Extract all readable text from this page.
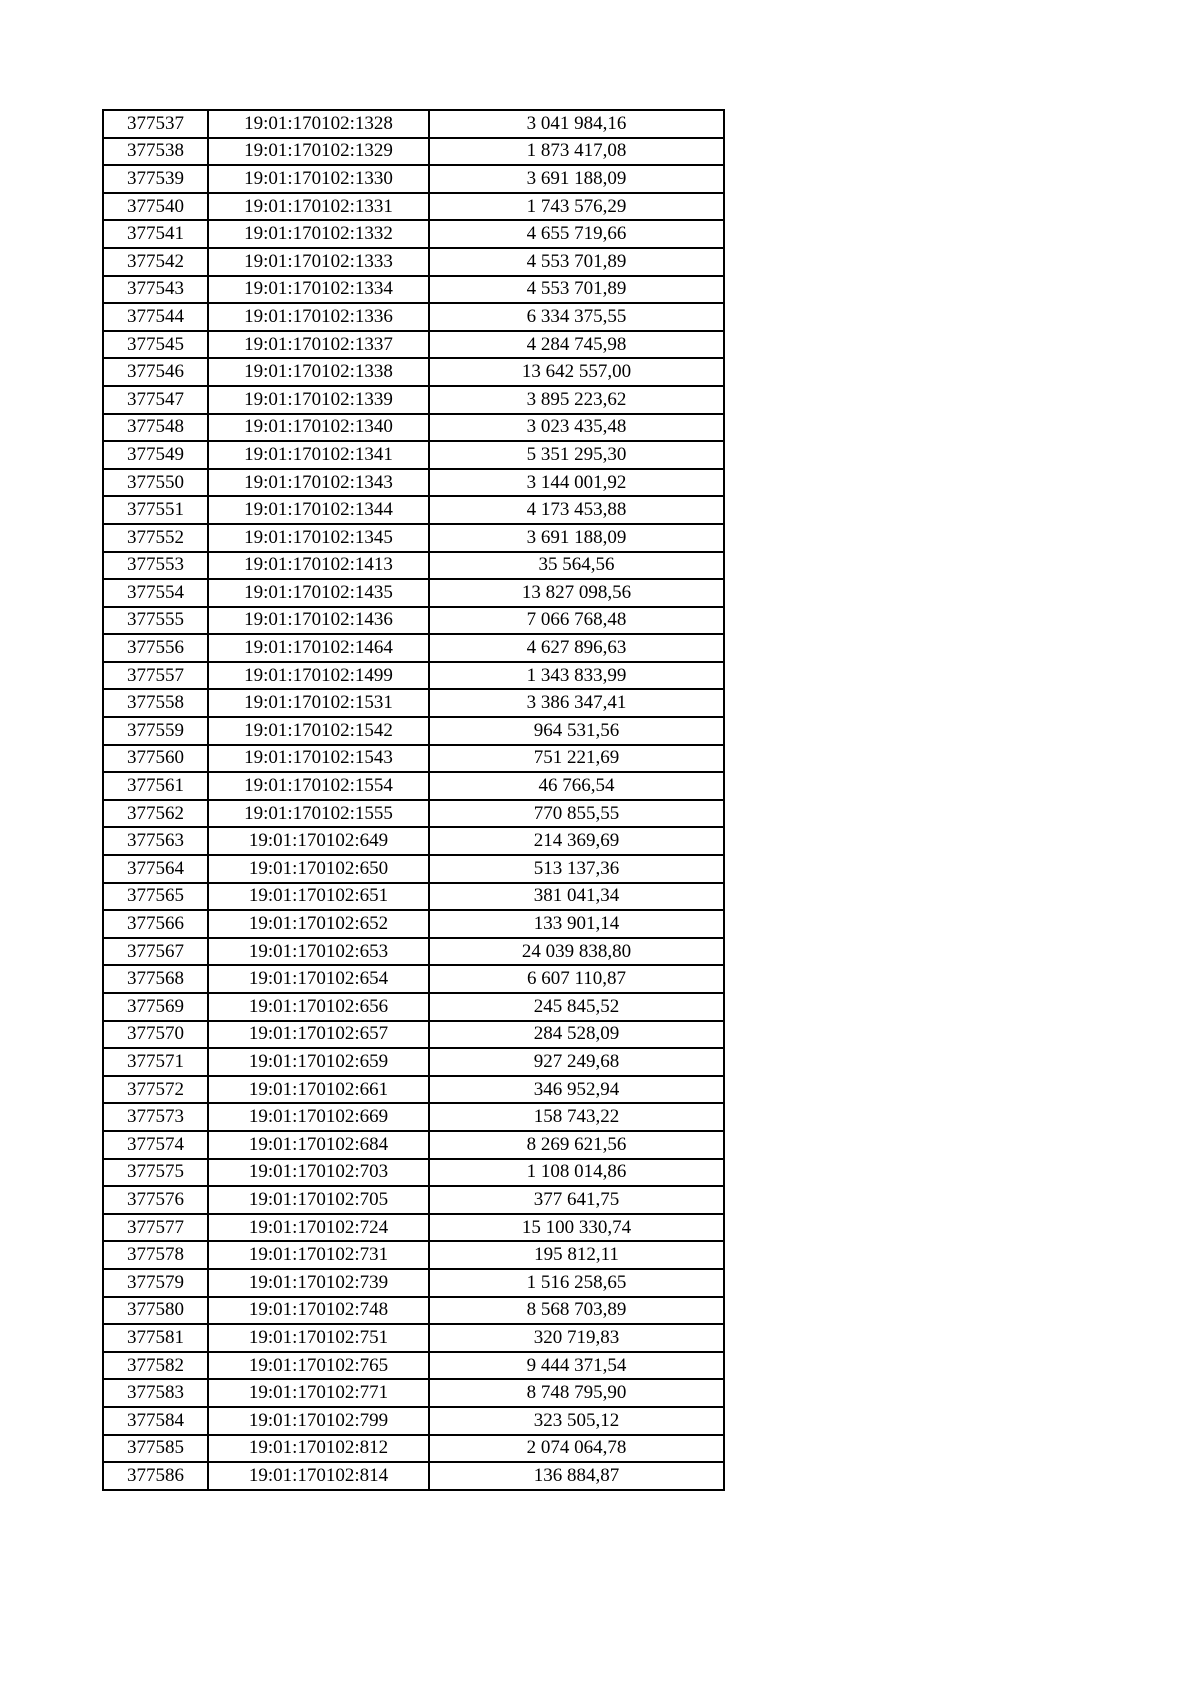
377537	19:01:170102:1328	3 041 984,16
377538	19:01:170102:1329	1 873 417,08
377539	19:01:170102:1330	3 691 188,09
377540	19:01:170102:1331	1 743 576,29
377541	19:01:170102:1332	4 655 719,66
377542	19:01:170102:1333	4 553 701,89
377543	19:01:170102:1334	4 553 701,89
377544	19:01:170102:1336	6 334 375,55
377545	19:01:170102:1337	4 284 745,98
377546	19:01:170102:1338	13 642 557,00
377547	19:01:170102:1339	3 895 223,62
377548	19:01:170102:1340	3 023 435,48
377549	19:01:170102:1341	5 351 295,30
377550	19:01:170102:1343	3 144 001,92
377551	19:01:170102:1344	4 173 453,88
377552	19:01:170102:1345	3 691 188,09
377553	19:01:170102:1413	35 564,56
377554	19:01:170102:1435	13 827 098,56
377555	19:01:170102:1436	7 066 768,48
377556	19:01:170102:1464	4 627 896,63
377557	19:01:170102:1499	1 343 833,99
377558	19:01:170102:1531	3 386 347,41
377559	19:01:170102:1542	964 531,56
377560	19:01:170102:1543	751 221,69
377561	19:01:170102:1554	46 766,54
377562	19:01:170102:1555	770 855,55
377563	19:01:170102:649	214 369,69
377564	19:01:170102:650	513 137,36
377565	19:01:170102:651	381 041,34
377566	19:01:170102:652	133 901,14
377567	19:01:170102:653	24 039 838,80
377568	19:01:170102:654	6 607 110,87
377569	19:01:170102:656	245 845,52
377570	19:01:170102:657	284 528,09
377571	19:01:170102:659	927 249,68
377572	19:01:170102:661	346 952,94
377573	19:01:170102:669	158 743,22
377574	19:01:170102:684	8 269 621,56
377575	19:01:170102:703	1 108 014,86
377576	19:01:170102:705	377 641,75
377577	19:01:170102:724	15 100 330,74
377578	19:01:170102:731	195 812,11
377579	19:01:170102:739	1 516 258,65
377580	19:01:170102:748	8 568 703,89
377581	19:01:170102:751	320 719,83
377582	19:01:170102:765	9 444 371,54
377583	19:01:170102:771	8 748 795,90
377584	19:01:170102:799	323 505,12
377585	19:01:170102:812	2 074 064,78
377586	19:01:170102:814	136 884,87
